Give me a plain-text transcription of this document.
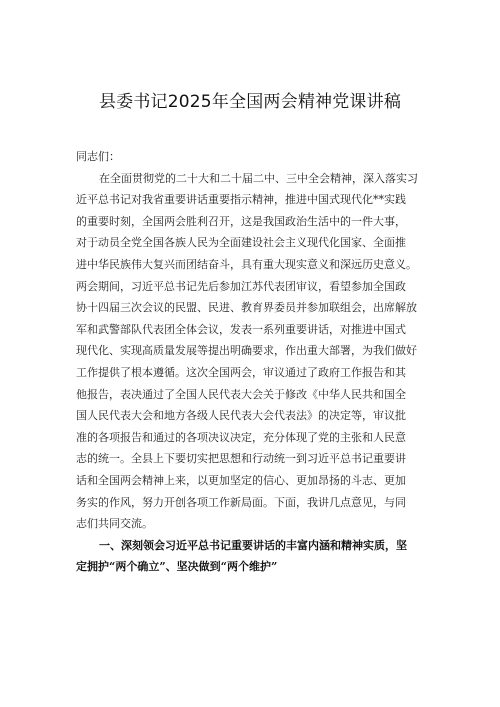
县委书记2025年全国两会精神党课讲稿
同志们：
在全面贯彻党的二十大和二十届二中、三中全会精神，深入落实习
近平总书记对我省重要讲话重要指示精神，推进中国式现代化**实践
的重要时刻，全国两会胜利召开，这是我国政治生活中的一件大事，
对于动员全党全国各族人民为全面建设社会主义现代化国家、全面推
进中华民族伟大复兴而团结奋斗，具有重大现实意义和深远历史意义。
两会期间，习近平总书记先后参加江苏代表团审议，看望参加全国政
协十四届三次会议的民盟、民进、教育界委员并参加联组会，出席解放
军和武警部队代表团全体会议，发表一系列重要讲话，对推进中国式
现代化、实现高质量发展等提出明确要求，作出重大部署，为我们做好
工作提供了根本遵循。这次全国两会，审议通过了政府工作报告和其
他报告，表决通过了全国人民代表大会关于修改《中华人民共和国全
国人民代表大会和地方各级人民代表大会代表法》的决定等，审议批
准的各项报告和通过的各项决议决定，充分体现了党的主张和人民意
志的统一。全县上下要切实把思想和行动统一到习近平总书记重要讲
话和全国两会精神上来，以更加坚定的信心、更加昂扬的斗志、更加
务实的作风，努力开创各项工作新局面。下面，我讲几点意见，与同
志们共同交流。
一、深刻领会习近平总书记重要讲话的丰富内涵和精神实质，坚
定拥护“两个确立”、坚决做到“两个维护”
